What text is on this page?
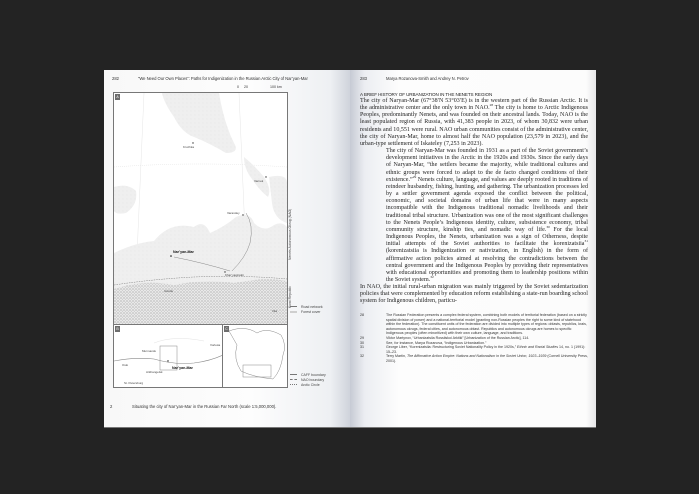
282	“We Need Our Own Places”: Paths for Indigenization in the Russian Arctic City of Nar’yan-Mar
0 20	100 km
A
Kruzhka
Varnek
Varandey
Nar’yan-Mar
Khar’yaginskii
Usinsk
Inta
Nenets Autonomous Okrug (NAO)
Komi Republic	Road network
Forest cover
B
Murmansk
Oslo
Arkhangelsk
St. Petersburg
Vorkuta
Nar’yan-Mar
C
CAFF boundary
NAO boundary
Arctic Circle
2	Situating the city of Nar’yan-Mar in the Russian Far North (scale 1:5,000,000).
283	Marya Rozanova-Smith and Andrey N. Petrov
A BRIEF HISTORY OF URBANIZATION IN THE NENETS REGION

The city of Naryan-Mar (67°38′N 53°03′E) is in the western part of the Russian Arctic. It is the administrative center and the only town in NAO.$^{28}$ The city is home to Arctic Indigenous Peoples, predominantly Nenets, and was founded on their ancestral lands. Today, NAO is the least populated region of Russia, with 41,383 people in 2023, of whom 30,832 were urban residents and 10,551 were rural. NAO urban communities consist of the administrative center, the city of Naryan-Mar, home to almost half the NAO population (23,579 in 2023), and the urban-type settlement of Iskateley (7,253 in 2023).

The city of Naryan-Mar was founded in 1931 as a part of the Soviet government’s development initiatives in the Arctic in the 1920s and 1930s. Since the early days of Naryan-Mar, “the settlers became the majority, while traditional cultures and ethnic groups were forced to adapt to the de facto changed conditions of their existence.”$^{29}$ Nenets culture, language, and values are deeply rooted in traditions of reindeer husbandry, fishing, hunting, and gathering. The urbanization processes led by a settler government agenda exposed the conflict between the political, economic, and societal domains of urban life that were in many aspects incompatible with the Indigenous traditional nomadic livelihoods and their traditional tribal structure. Urbanization was one of the most significant challenges to the Nenets People’s Indigenous identity, culture, subsistence economy, tribal community structure, kinship ties, and nomadic way of life.$^{30}$ For the local Indigenous Peoples, the Nenets, urbanization was a sign of Otherness, despite initial attempts of the Soviet authorities to facilitate the korenizatsiia$^{31}$ (korenizatsiia is Indigenization or nativization, in English) in the form of affirmative action policies aimed at resolving the contradictions between the central government and the Indigenous Peoples by providing their representatives with educational opportunities and promoting them to leadership positions within the Soviet system.$^{32}$

In NAO, the initial rural-urban migration was mainly triggered by the Soviet sedentarization policies that were complemented by education reform establishing a state-run boarding school system for Indigenous children, particu-

28	The Russian Federation presents a complex federal system, combining both models of territorial federation (based on a strictly spatial division of power) and a national-territorial model (granting non-Russian peoples the right to some kind of statehood within the federation). The constituent units of the federation are divided into multiple types of regions: oblasts, republics, krais, autonomous okrugs, federal cities, and autonomous oblast. Republics and autonomous okrugs are homes to specific Indigenous peoples (often minoritized) with their own culture, language, and traditions.
29	Viktor Martynov, “Urbanizatsiia Rossiiskoi Arktiki” [Urbanization of the Russian Arctic], 114.
30	See, for instance, Marya Rozanova, “Indigenous Urbanization.”
31	George Liber, “Korenizatsiia: Restructuring Soviet Nationality Policy in the 1920s,” Ethnic and Racial Studies 14, no. 1 (1991): 15–23.
32	Terry Martin, The Affirmative Action Empire: Nations and Nationalism in the Soviet Union, 1923–1939 (Cornell University Press, 2001).
